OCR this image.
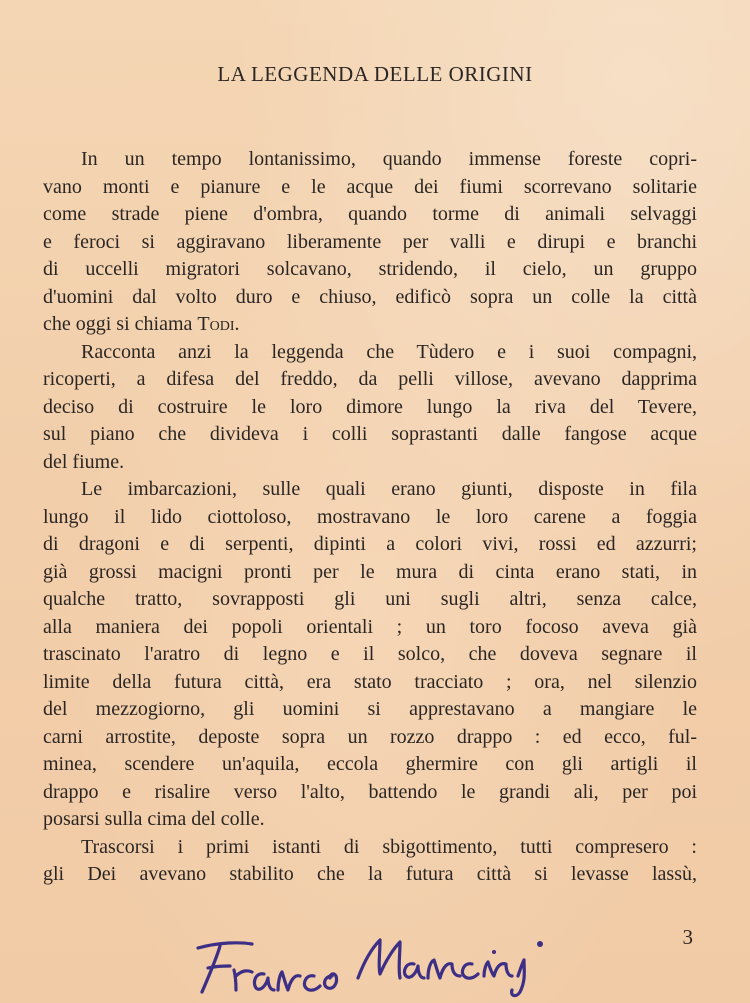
LA LEGGENDA DELLE ORIGINI

In un tempo lontanissimo, quando immense foreste copri-
vano monti e pianure e le acque dei fiumi scorrevano solitarie
come strade piene d'ombra, quando torme di animali selvaggi
e feroci si aggiravano liberamente per valli e dirupi e branchi
di uccelli migratori solcavano, stridendo, il cielo, un gruppo
d'uomini dal volto duro e chiuso, edificò sopra un colle la città
che oggi si chiama Todi.

Racconta anzi la leggenda che Tùdero e i suoi compagni,
ricoperti, a difesa del freddo, da pelli villose, avevano dapprima
deciso di costruire le loro dimore lungo la riva del Tevere,
sul piano che divideva i colli soprastanti dalle fangose acque
del fiume.

Le imbarcazioni, sulle quali erano giunti, disposte in fila
lungo il lido ciottoloso, mostravano le loro carene a foggia
di dragoni e di serpenti, dipinti a colori vivi, rossi ed azzurri;
già grossi macigni pronti per le mura di cinta erano stati, in
qualche tratto, sovrapposti gli uni sugli altri, senza calce,
alla maniera dei popoli orientali ; un toro focoso aveva già
trascinato l'aratro di legno e il solco, che doveva segnare il
limite della futura città, era stato tracciato ; ora, nel silenzio
del mezzogiorno, gli uomini si apprestavano a mangiare le
carni arrostite, deposte sopra un rozzo drappo : ed ecco, ful-
minea, scendere un'aquila, eccola ghermire con gli artigli il
drappo e risalire verso l'alto, battendo le grandi ali, per poi
posarsi sulla cima del colle.

Trascorsi i primi istanti di sbigottimento, tutti compresero :
gli Dei avevano stabilito che la futura città si levasse lassù,

3
